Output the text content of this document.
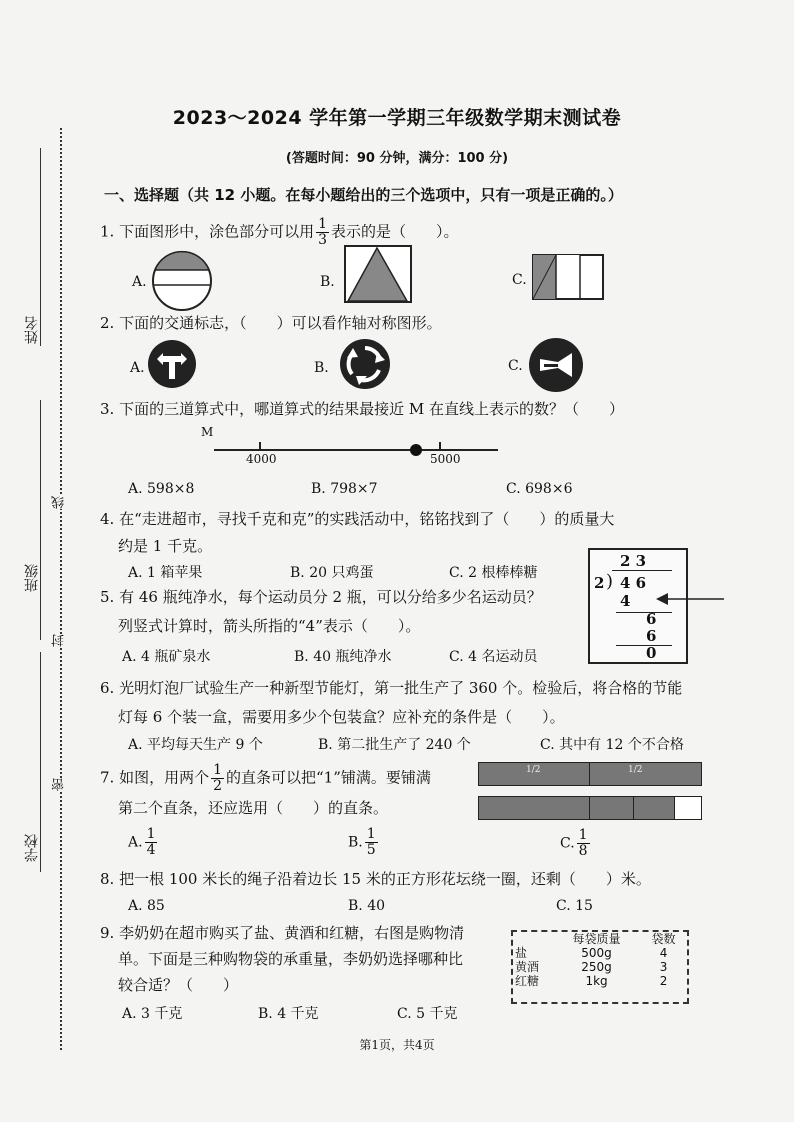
姓名
班级
学校
线
封
密
2023～2024 学年第一学期三年级数学期末测试卷
(答题时间：90 分钟，满分：100 分)
一、选择题（共 12 小题。在每小题给出的三个选项中，只有一项是正确的。）
1. 下面图形中，涂色部分可以用 $\frac{1}{3}$ 表示的是（　　）。
A.	B.	C.
2. 下面的交通标志，（　　）可以看作轴对称图形。
A.	B.	C.
3. 下面的三道算式中，哪道算式的结果最接近 M 在直线上表示的数？（　　）
M
4000	5000
A. 598×8	B. 798×7	C. 698×6
4. 在“走进超市，寻找千克和克”的实践活动中，铭铭找到了（　　）的质量大
约是 1 千克。
A. 1 箱苹果	B. 20 只鸡蛋	C. 2 根棒棒糖
2 3
2 ) 4 6
4
6
6
0
5. 有 46 瓶纯净水，每个运动员分 2 瓶，可以分给多少名运动员？
列竖式计算时，箭头所指的“4”表示（　　）。
A. 4 瓶矿泉水	B. 40 瓶纯净水	C. 4 名运动员
6. 光明灯泡厂试验生产一种新型节能灯，第一批生产了 360 个。检验后，将合格的节能
灯每 6 个装一盒，需要用多少个包装盒？应补充的条件是（　　）。
A. 平均每天生产 9 个	B. 第二批生产了 240 个	C. 其中有 12 个不合格
7. 如图，用两个 $\frac{1}{2}$ 的直条可以把“1”铺满。要铺满
第二个直条，还应选用（　　）的直条。
1/2	1/2
A. $\frac{1}{4}$	B. $\frac{1}{5}$	C. $\frac{1}{8}$
8. 把一根 100 米长的绳子沿着边长 15 米的正方形花坛绕一圈，还剩（　　）米。
A. 85	B. 40	C. 15
9. 李奶奶在超市购买了盐、黄酒和红糖，右图是购物清
单。下面是三种购物袋的承重量，李奶奶选择哪种比
较合适？（　　）
A. 3 千克	B. 4 千克	C. 5 千克
	每袋质量	袋数
盐	500g	4
黄酒	250g	3
红糖	1kg	2
第1页，共4页
